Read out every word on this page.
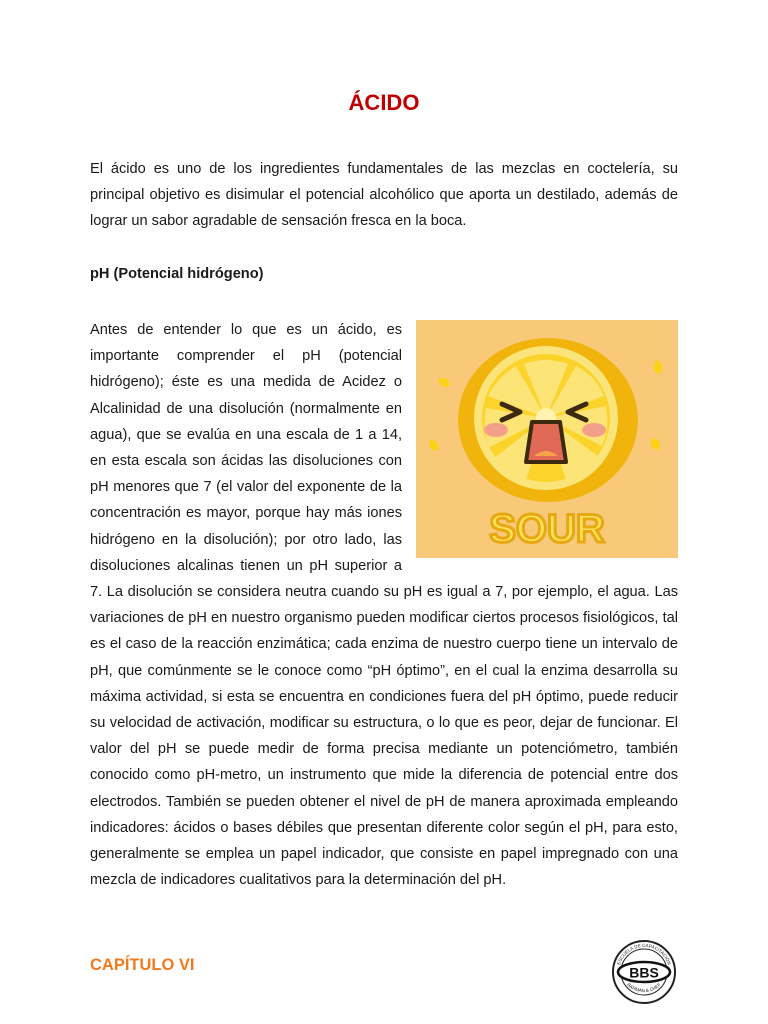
ÁCIDO

El ácido es uno de los ingredientes fundamentales de las mezclas en coctelería, su principal objetivo es disimular el potencial alcohólico que aporta un destilado, además de lograr un sabor agradable de sensación fresca en la boca.

pH (Potencial hidrógeno)

SOUR
Antes de entender lo que es un ácido, es importante comprender el pH (potencial hidrógeno); éste es una medida de Acidez o Alcalinidad de una disolución (normalmente en agua), que se evalúa en una escala de 1 a 14, en esta escala son ácidas las disoluciones con pH menores que 7 (el valor del exponente de la concentración es mayor, porque hay más iones hidrógeno en la disolución); por otro lado, las disoluciones alcalinas tienen un pH superior a 7. La disolución se considera neutra cuando su pH es igual a 7, por ejemplo, el agua. Las variaciones de pH en nuestro organismo pueden modificar ciertos procesos fisiológicos, tal es el caso de la reacción enzimática; cada enzima de nuestro cuerpo tiene un intervalo de pH, que comúnmente se le conoce como “pH óptimo”, en el cual la enzima desarrolla su máxima actividad, si esta se encuentra en condiciones fuera del pH óptimo, puede reducir su velocidad de activación, modificar su estructura, o lo que es peor, dejar de funcionar. El valor del pH se puede medir de forma precisa mediante un potenciómetro, también conocido como pH-metro, un instrumento que mide la diferencia de potencial entre dos electrodos. También se pueden obtener el nivel de pH de manera aproximada empleando indicadores: ácidos o bases débiles que presentan diferente color según el pH, para esto, generalmente se emplea un papel indicador, que consiste en papel impregnado con una mezcla de indicadores cualitativos para la determinación del pH.

CAPÍTULO VI	ESCUELA DE CAPACITACIÓN
BARMAN & CHEF
BBS
